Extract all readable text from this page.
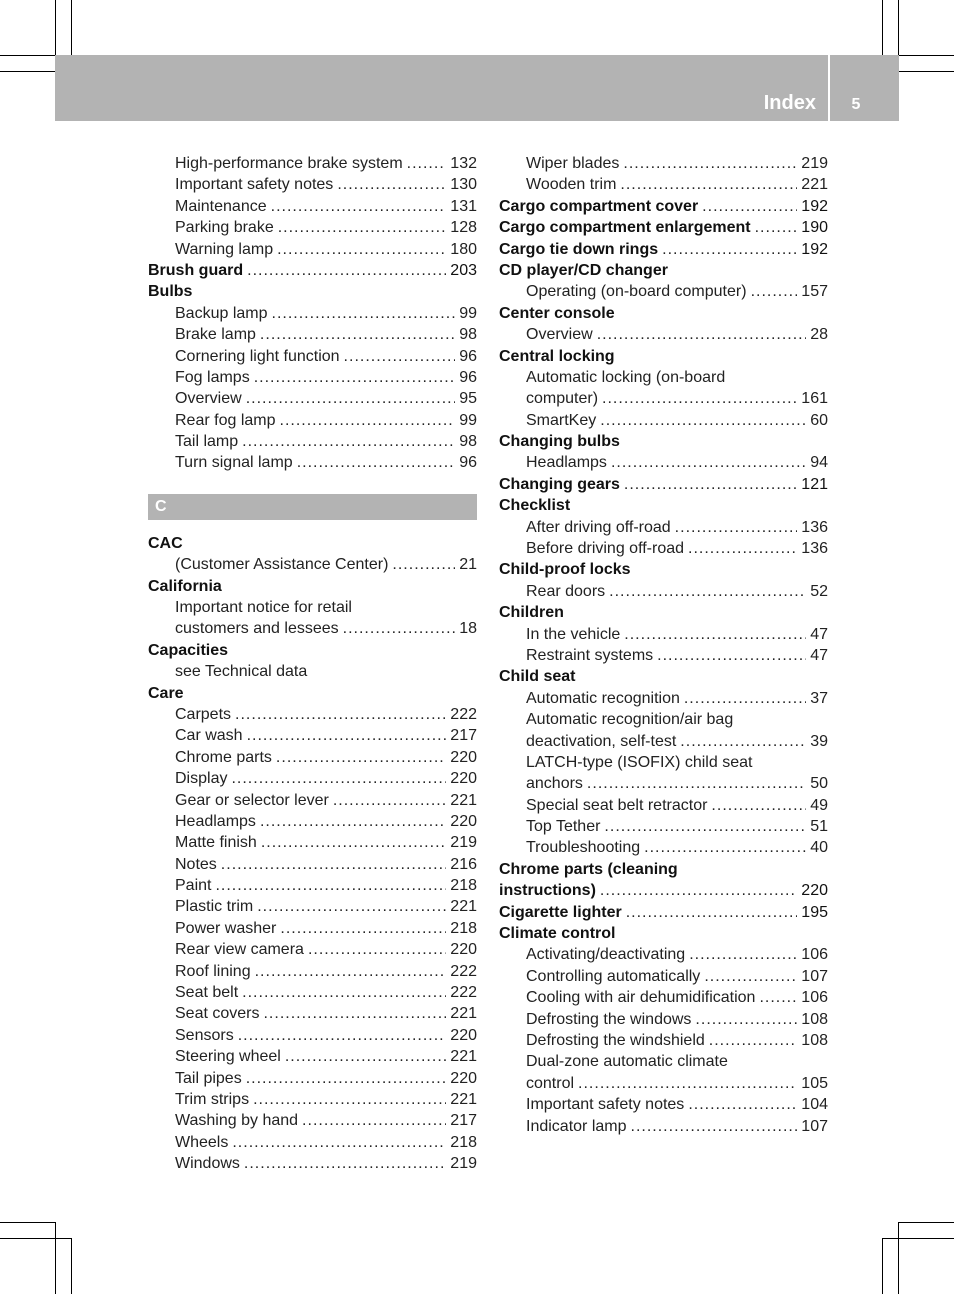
Index	5
High-performance brake system .....	132
Important safety notes .....	130
Maintenance .....	131
Parking brake .....	128
Warning lamp .....	180
Brush guard .....	203
Bulbs
Backup lamp .....	99
Brake lamp .....	98
Cornering light function .....	96
Fog lamps .....	96
Overview .....	95
Rear fog lamp .....	99
Tail lamp .....	98
Turn signal lamp .....	96
C
CAC
(Customer Assistance Center) .....	21
California
Important notice for retail
customers and lessees .....	18
Capacities
see Technical data
Care
Carpets .....	222
Car wash .....	217
Chrome parts .....	220
Display .....	220
Gear or selector lever .....	221
Headlamps .....	220
Matte finish .....	219
Notes .....	216
Paint .....	218
Plastic trim .....	221
Power washer .....	218
Rear view camera .....	220
Roof lining .....	222
Seat belt .....	222
Seat covers .....	221
Sensors .....	220
Steering wheel .....	221
Tail pipes .....	220
Trim strips .....	221
Washing by hand .....	217
Wheels .....	218
Windows .....	219
Wiper blades .....	219
Wooden trim .....	221
Cargo compartment cover .....	192
Cargo compartment enlargement .....	190
Cargo tie down rings .....	192
CD player/CD changer
Operating (on-board computer) .....	157
Center console
Overview .....	28
Central locking
Automatic locking (on-board
computer) .....	161
SmartKey .....	60
Changing bulbs
Headlamps .....	94
Changing gears .....	121
Checklist
After driving off-road .....	136
Before driving off-road .....	136
Child-proof locks
Rear doors .....	52
Children
In the vehicle .....	47
Restraint systems .....	47
Child seat
Automatic recognition .....	37
Automatic recognition/air bag
deactivation, self-test .....	39
LATCH-type (ISOFIX) child seat
anchors .....	50
Special seat belt retractor .....	49
Top Tether .....	51
Troubleshooting .....	40
Chrome parts (cleaning
instructions) .....	220
Cigarette lighter .....	195
Climate control
Activating/deactivating .....	106
Controlling automatically .....	107
Cooling with air dehumidification .....	106
Defrosting the windows .....	108
Defrosting the windshield .....	108
Dual-zone automatic climate
control .....	105
Important safety notes .....	104
Indicator lamp .....	107
